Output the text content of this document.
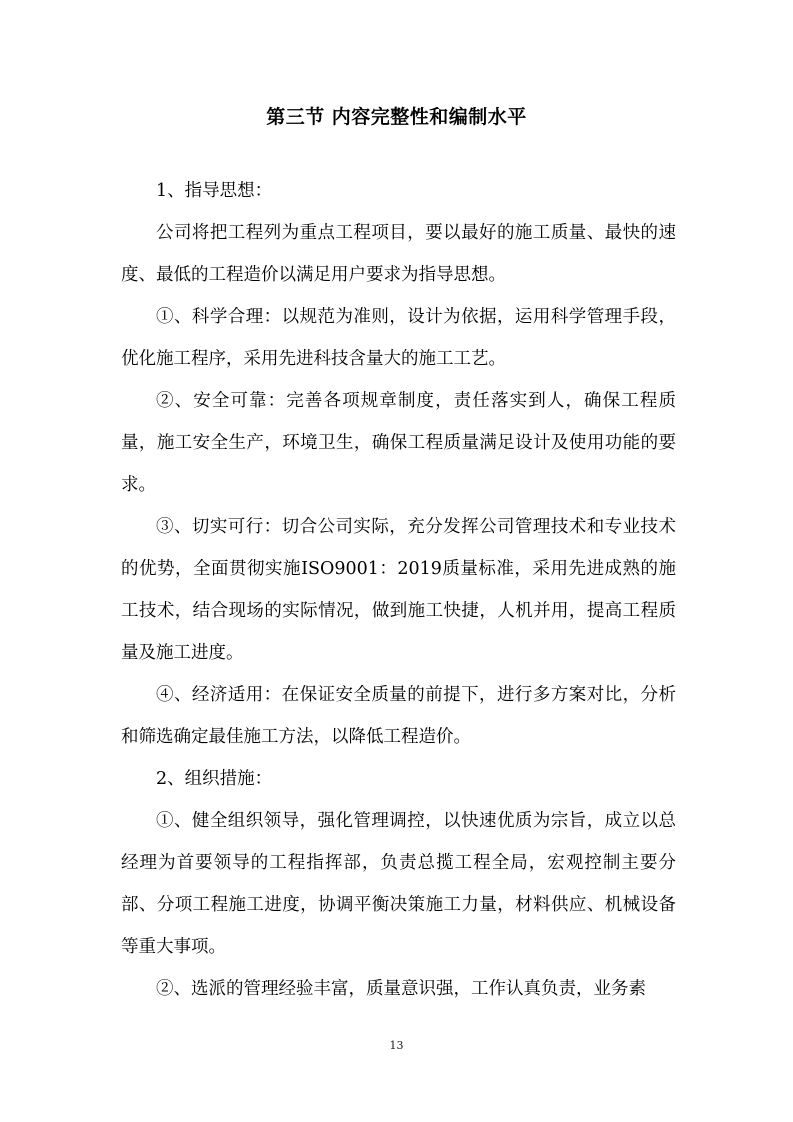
第三节 内容完整性和编制水平

1、指导思想：

公司将把工程列为重点工程项目，要以最好的施工质量、最快的速度、最低的工程造价以满足用户要求为指导思想。

①、科学合理：以规范为准则，设计为依据，运用科学管理手段，优化施工程序，采用先进科技含量大的施工工艺。

②、安全可靠：完善各项规章制度，责任落实到人，确保工程质量，施工安全生产，环境卫生，确保工程质量满足设计及使用功能的要求。

③、切实可行：切合公司实际，充分发挥公司管理技术和专业技术的优势，全面贯彻实施ISO9001：2019质量标准，采用先进成熟的施工技术，结合现场的实际情况，做到施工快捷，人机并用，提高工程质量及施工进度。

④、经济适用：在保证安全质量的前提下，进行多方案对比，分析和筛选确定最佳施工方法，以降低工程造价。

2、组织措施：

①、健全组织领导，强化管理调控，以快速优质为宗旨，成立以总经理为首要领导的工程指挥部，负责总揽工程全局，宏观控制主要分部、分项工程施工进度，协调平衡决策施工力量，材料供应、机械设备等重大事项。

②、选派的管理经验丰富，质量意识强，工作认真负责，业务素

13
